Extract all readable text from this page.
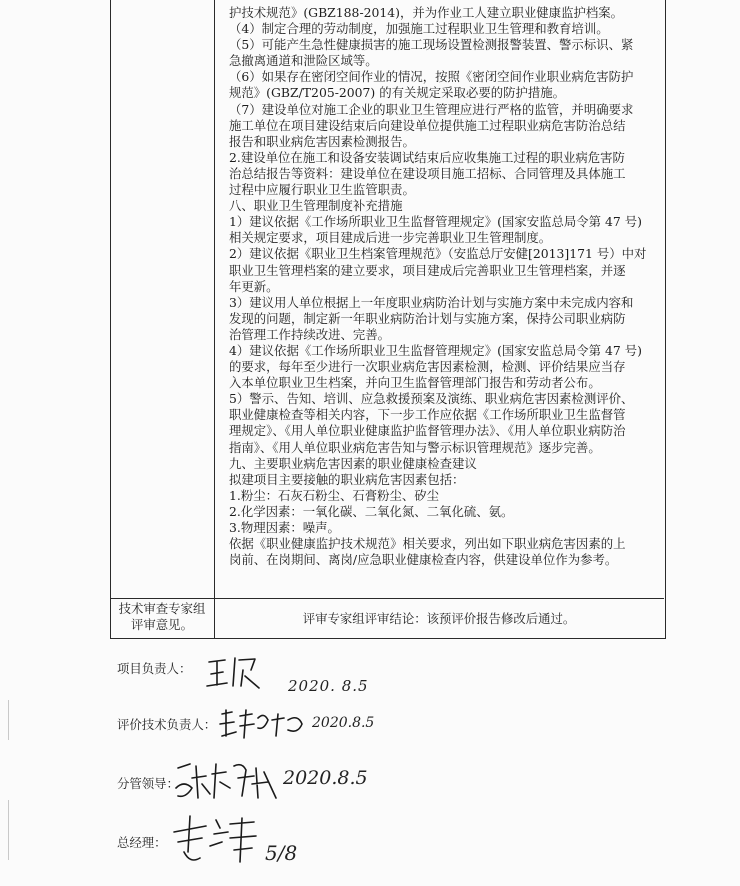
护技术规范》(GBZ188-2014)，并为作业工人建立职业健康监护档案。
（4）制定合理的劳动制度，加强施工过程职业卫生管理和教育培训。
（5）可能产生急性健康损害的施工现场设置检测报警装置、警示标识、紧
急撤离通道和泄险区域等。
（6）如果存在密闭空间作业的情况，按照《密闭空间作业职业病危害防护
规范》(GBZ/T205-2007) 的有关规定采取必要的防护措施。
（7）建设单位对施工企业的职业卫生管理应进行严格的监管，并明确要求
施工单位在项目建设结束后向建设单位提供施工过程职业病危害防治总结
报告和职业病危害因素检测报告。
2.建设单位在施工和设备安装调试结束后应收集施工过程的职业病危害防
治总结报告等资料：建设单位在建设项目施工招标、合同管理及具体施工
过程中应履行职业卫生监管职责。
八、职业卫生管理制度补充措施
1）建议依据《工作场所职业卫生监督管理规定》(国家安监总局令第 47 号)
相关规定要求，项目建成后进一步完善职业卫生管理制度。
2）建议依据《职业卫生档案管理规范》（安监总厅安健[2013]171 号）中对
职业卫生管理档案的建立要求，项目建成后完善职业卫生管理档案，并逐
年更新。
3）建议用人单位根据上一年度职业病防治计划与实施方案中未完成内容和
发现的问题，制定新一年职业病防治计划与实施方案，保持公司职业病防
治管理工作持续改进、完善。
4）建议依据《工作场所职业卫生监督管理规定》(国家安监总局令第 47 号)
的要求，每年至少进行一次职业病危害因素检测，检测、评价结果应当存
入本单位职业卫生档案，并向卫生监督管理部门报告和劳动者公布。
5）警示、告知、培训、应急救援预案及演练、职业病危害因素检测评价、
职业健康检查等相关内容，下一步工作应依据《工作场所职业卫生监督管
理规定》、《用人单位职业健康监护监督管理办法》、《用人单位职业病防治
指南》、《用人单位职业病危害告知与警示标识管理规范》逐步完善。
九、主要职业病危害因素的职业健康检查建议
拟建项目主要接触的职业病危害因素包括：
1.粉尘：石灰石粉尘、石膏粉尘、矽尘
2.化学因素：一氧化碳、二氧化氮、二氧化硫、氨。
3.物理因素：噪声。
依据《职业健康监护技术规范》相关要求，列出如下职业病危害因素的上
岗前、在岗期间、离岗/应急职业健康检查内容，供建设单位作为参考。
技术审查专家组
评审意见。	评审专家组评审结论：该预评价报告修改后通过。
项目负责人：
2020. 8.5
评价技术负责人：	2020.8.5
分管领导：	2020.8.5
总经理：	5/8
